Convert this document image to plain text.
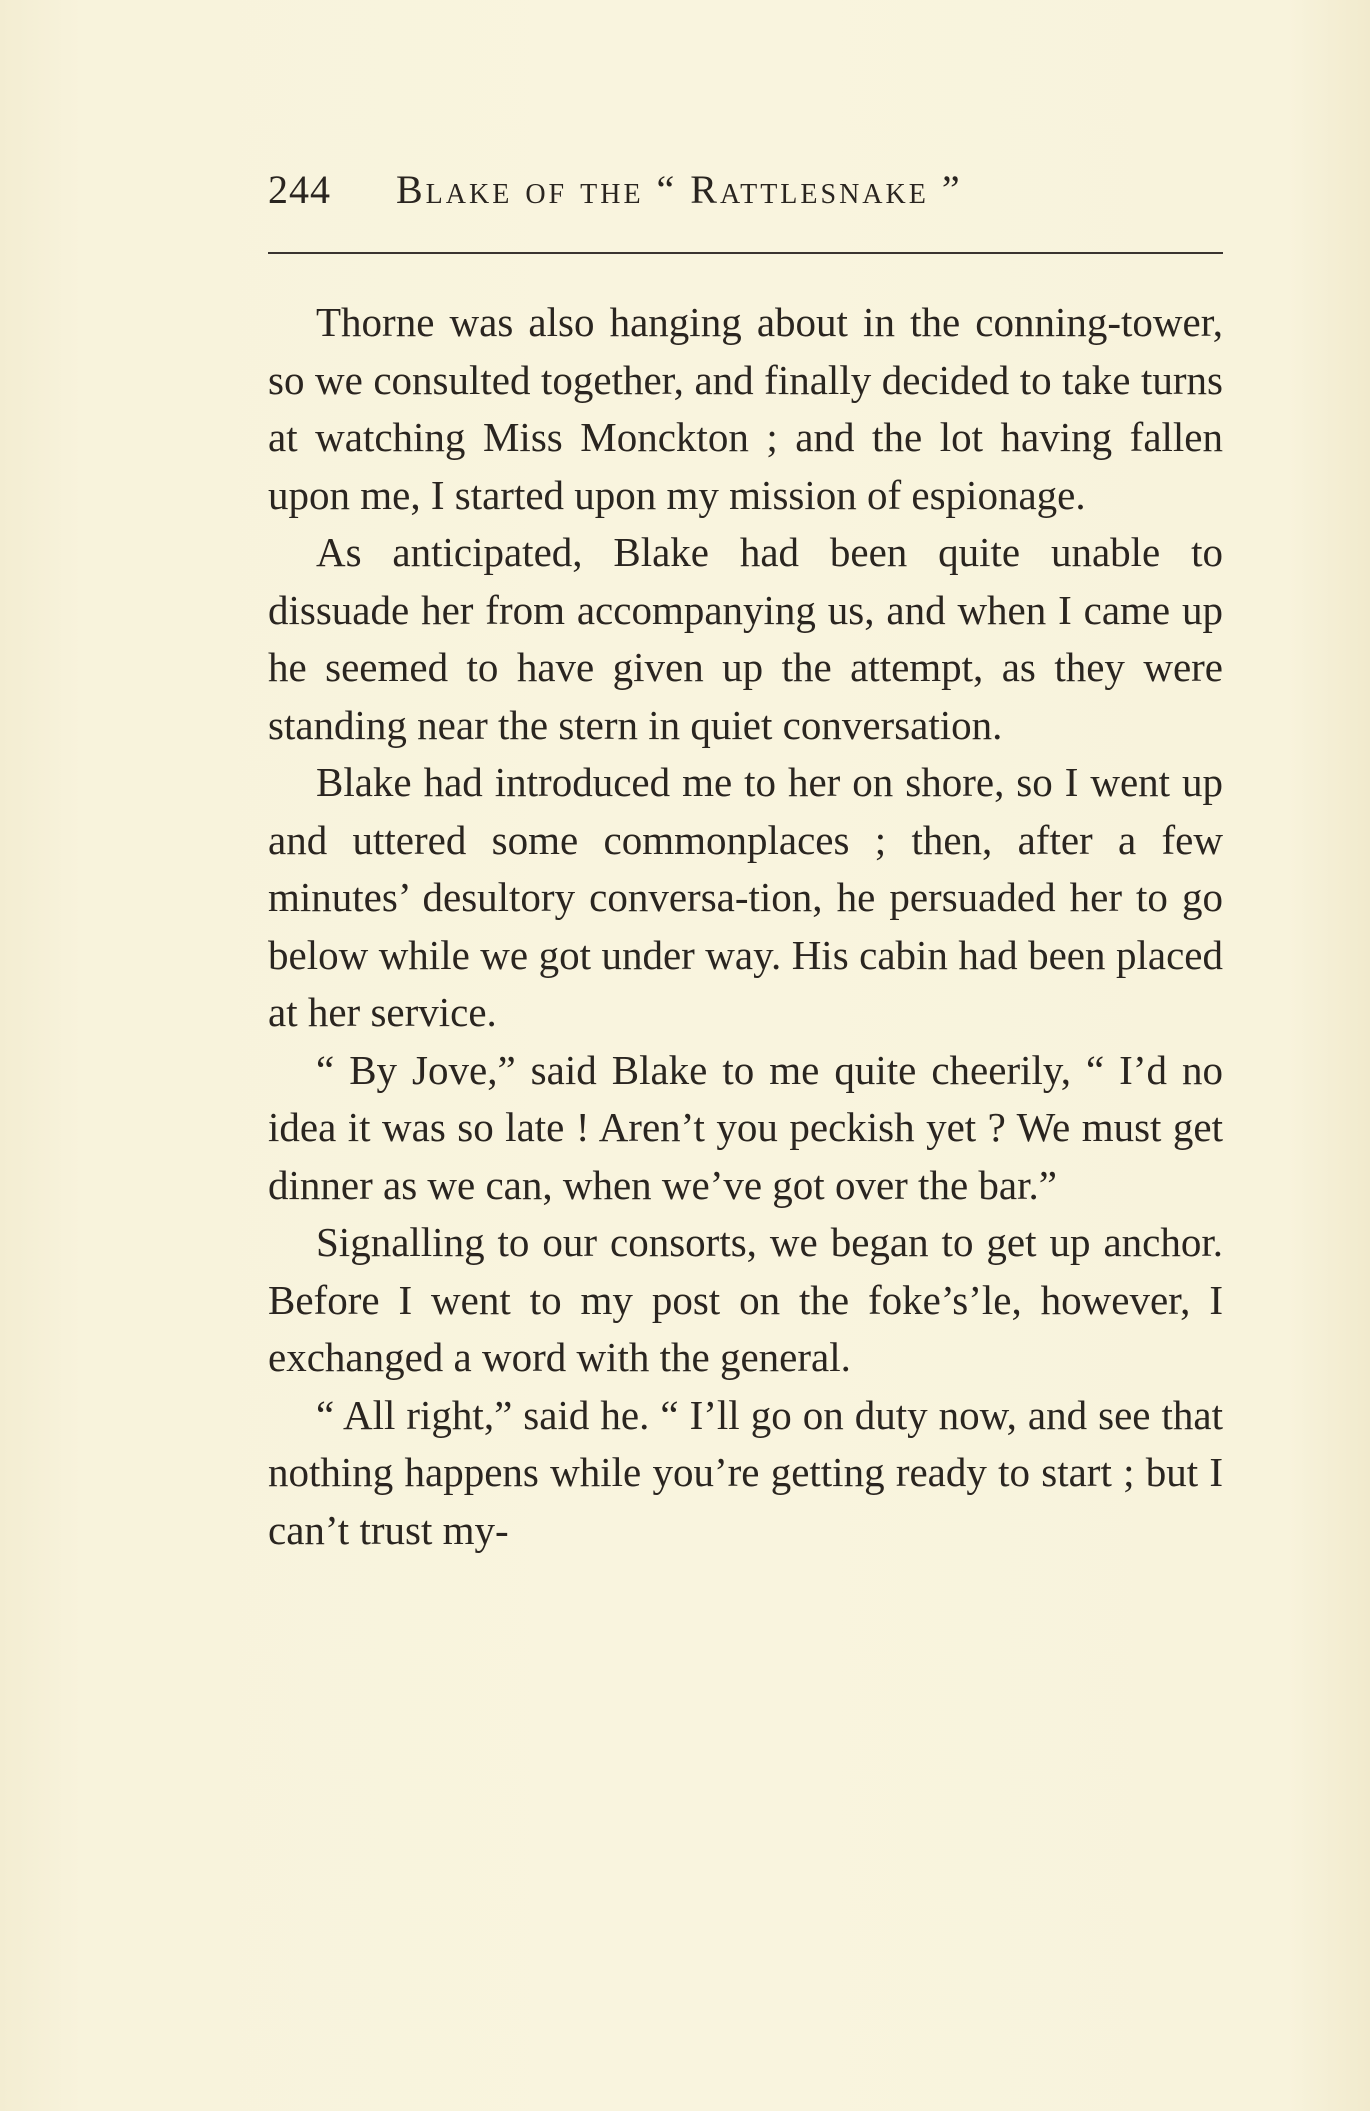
244 Blake of the “ Rattlesnake ”

Thorne was also hanging about in the conning-tower, so we consulted together, and finally decided to take turns at watching Miss Monckton ; and the lot having fallen upon me, I started upon my mission of espionage.

As anticipated, Blake had been quite unable to dissuade her from accompanying us, and when I came up he seemed to have given up the attempt, as they were standing near the stern in quiet conversation.

Blake had introduced me to her on shore, so I went up and uttered some commonplaces ; then, after a few minutes’ desultory conversa-tion, he persuaded her to go below while we got under way. His cabin had been placed at her service.

“ By Jove,” said Blake to me quite cheerily, “ I’d no idea it was so late ! Aren’t you peckish yet ? We must get dinner as we can, when we’ve got over the bar.”

Signalling to our consorts, we began to get up anchor. Before I went to my post on the foke’s’le, however, I exchanged a word with the general.

“ All right,” said he. “ I’ll go on duty now, and see that nothing happens while you’re getting ready to start ; but I can’t trust my-
